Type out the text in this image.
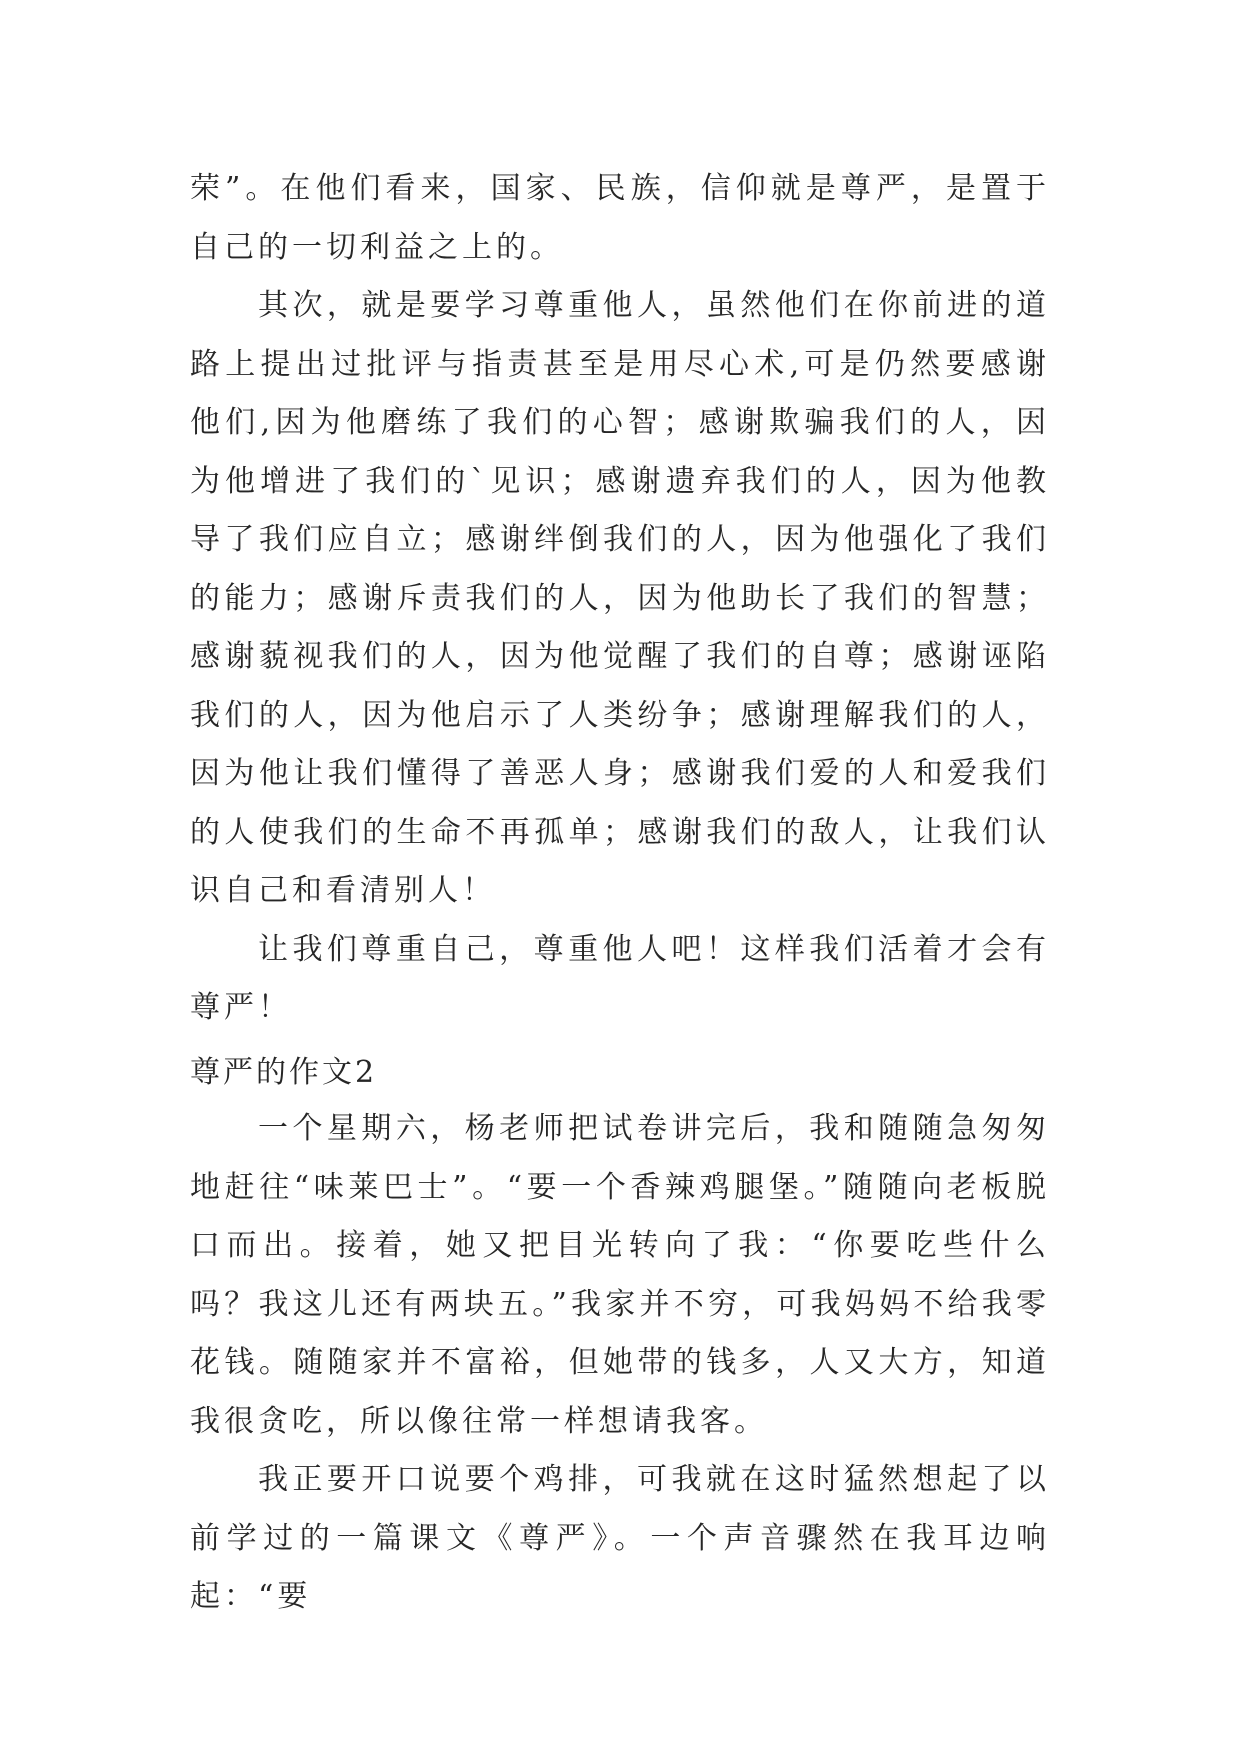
荣”。在他们看来，国家、民族，信仰就是尊严，是置于自己的一切利益之上的。

其次，就是要学习尊重他人，虽然他们在你前进的道路上提出过批评与指责甚至是用尽心术,可是仍然要感谢他们,因为他磨练了我们的心智；感谢欺骗我们的人，因为他增进了我们的`见识；感谢遗弃我们的人，因为他教导了我们应自立；感谢绊倒我们的人，因为他强化了我们的能力；感谢斥责我们的人，因为他助长了我们的智慧；感谢藐视我们的人，因为他觉醒了我们的自尊；感谢诬陷我们的人，因为他启示了人类纷争；感谢理解我们的人，因为他让我们懂得了善恶人身；感谢我们爱的人和爱我们的人使我们的生命不再孤单；感谢我们的敌人，让我们认识自己和看清别人！

让我们尊重自己，尊重他人吧！这样我们活着才会有尊严！

尊严的作文2

一个星期六，杨老师把试卷讲完后，我和随随急匆匆地赶往“味莱巴士”。“要一个香辣鸡腿堡。”随随向老板脱口而出。接着，她又把目光转向了我：“你要吃些什么吗？我这儿还有两块五。”我家并不穷，可我妈妈不给我零花钱。随随家并不富裕，但她带的钱多，人又大方，知道我很贪吃，所以像往常一样想请我客。

我正要开口说要个鸡排，可我就在这时猛然想起了以前学过的一篇课文《尊严》。一个声音骤然在我耳边响起：“要
